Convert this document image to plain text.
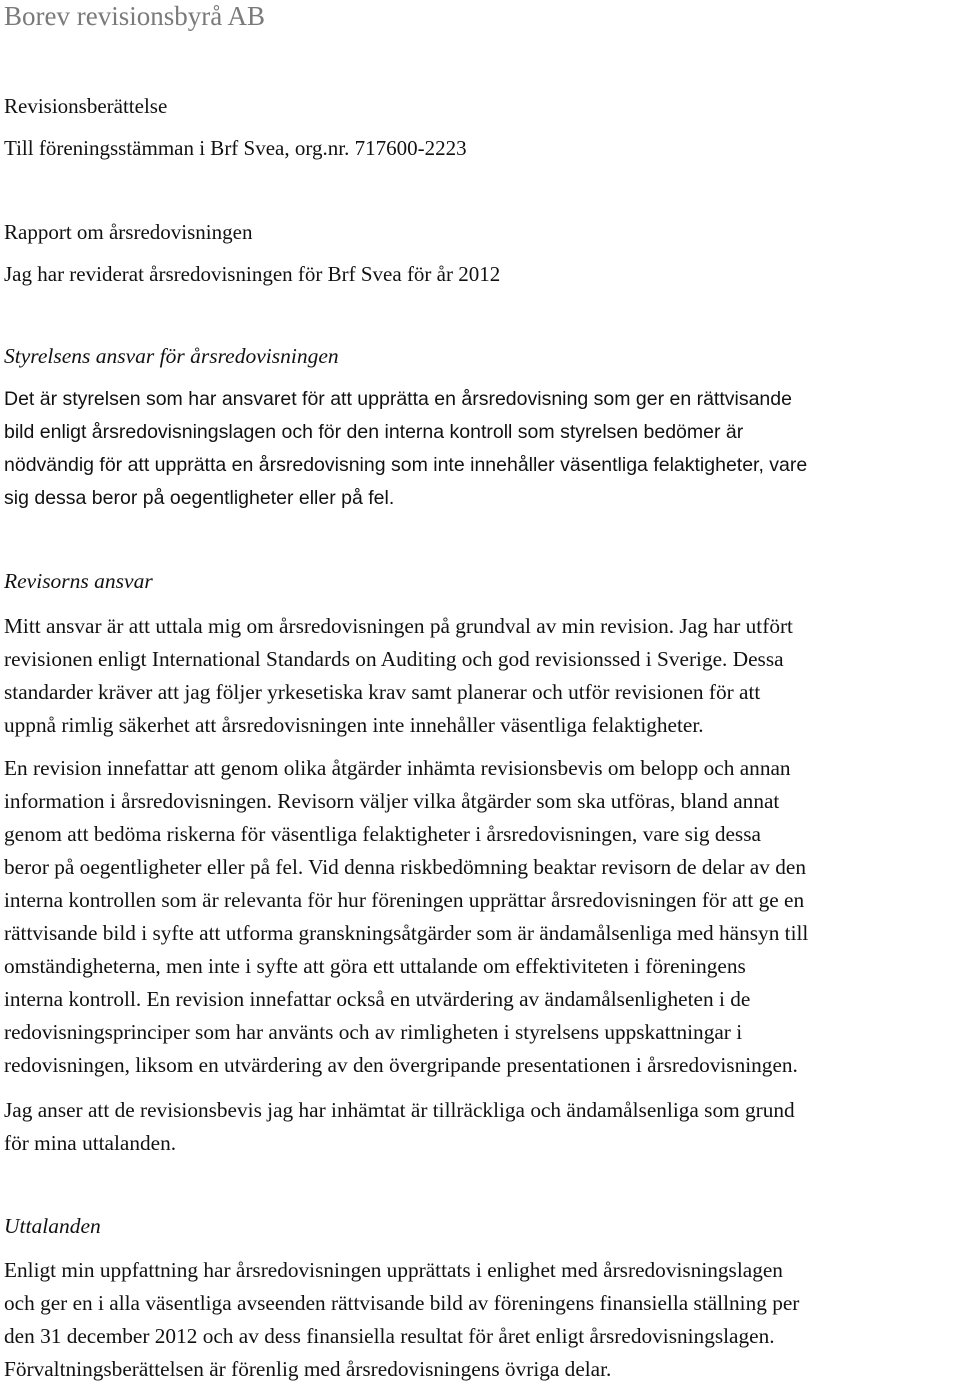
Borev revisionsbyrå AB
Revisionsberättelse
Till föreningsstämman i Brf Svea, org.nr. 717600-2223
Rapport om årsredovisningen
Jag har reviderat årsredovisningen för Brf Svea för år 2012
Styrelsens ansvar för årsredovisningen
Det är styrelsen som har ansvaret för att upprätta en årsredovisning som ger en rättvisande
bild enligt årsredovisningslagen och för den interna kontroll som styrelsen bedömer är
nödvändig för att upprätta en årsredovisning som inte innehåller väsentliga felaktigheter, vare
sig dessa beror på oegentligheter eller på fel.
Revisorns ansvar
Mitt ansvar är att uttala mig om årsredovisningen på grundval av min revision. Jag har utfört
revisionen enligt International Standards on Auditing och god revisionssed i Sverige. Dessa
standarder kräver att jag följer yrkesetiska krav samt planerar och utför revisionen för att
uppnå rimlig säkerhet att årsredovisningen inte innehåller väsentliga felaktigheter.
En revision innefattar att genom olika åtgärder inhämta revisionsbevis om belopp och annan
information i årsredovisningen. Revisorn väljer vilka åtgärder som ska utföras, bland annat
genom att bedöma riskerna för väsentliga felaktigheter i årsredovisningen, vare sig dessa
beror på oegentligheter eller på fel. Vid denna riskbedömning beaktar revisorn de delar av den
interna kontrollen som är relevanta för hur föreningen upprättar årsredovisningen för att ge en
rättvisande bild i syfte att utforma granskningsåtgärder som är ändamålsenliga med hänsyn till
omständigheterna, men inte i syfte att göra ett uttalande om effektiviteten i föreningens
interna kontroll. En revision innefattar också en utvärdering av ändamålsenligheten i de
redovisningsprinciper som har använts och av rimligheten i styrelsens uppskattningar i
redovisningen, liksom en utvärdering av den övergripande presentationen i årsredovisningen.
Jag anser att de revisionsbevis jag har inhämtat är tillräckliga och ändamålsenliga som grund
för mina uttalanden.
Uttalanden
Enligt min uppfattning har årsredovisningen upprättats i enlighet med årsredovisningslagen
och ger en i alla väsentliga avseenden rättvisande bild av föreningens finansiella ställning per
den 31 december 2012 och av dess finansiella resultat för året enligt årsredovisningslagen.
Förvaltningsberättelsen är förenlig med årsredovisningens övriga delar.
